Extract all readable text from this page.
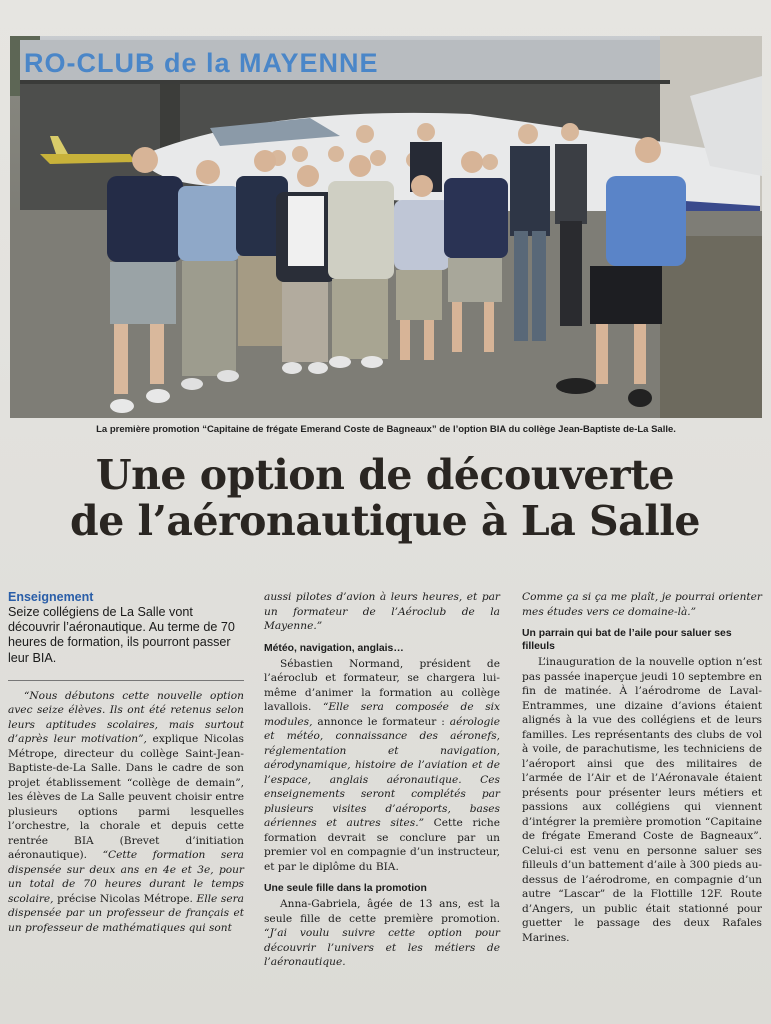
RO-CLUB de la MAYENNE
La première promotion “Capitaine de frégate Emerand Coste de Bagneaux” de l’option BIA du collège Jean-Baptiste de-La Salle.
Une option de découverte
de l’aéronautique à La Salle
Enseignement
Seize collégiens de La Salle vont découvrir l’aéronautique. Au terme de 70 heures de formation, ils pourront passer leur BIA.

“Nous débutons cette nouvelle option avec seize élèves. Ils ont été retenus selon leurs aptitudes scolaires, mais surtout d’après leur motivation”, explique Nicolas Métrope, directeur du collège Saint-Jean-Baptiste-de-La Salle. Dans le cadre de son projet établissement “collège de demain”, les élèves de La Salle peuvent choisir entre plusieurs options parmi lesquelles l’orchestre, la chorale et depuis cette rentrée BIA (Brevet d’initiation aéronautique). “Cette formation sera dispensée sur deux ans en 4e et 3e, pour un total de 70 heures durant le temps scolaire, précise Nicolas Métrope. Elle sera dispensée par un professeur de français et un professeur de mathématiques qui sont

aussi pilotes d’avion à leurs heures, et par un formateur de l’Aéroclub de la Mayenne.”

Météo, navigation, anglais…

Sébastien Normand, président de l’aéroclub et formateur, se chargera lui-même d’animer la formation au collège lavallois. “Elle sera composée de six modules, annonce le formateur : aérologie et météo, connaissance des aéronefs, réglementation et navigation, aérodynamique, histoire de l’aviation et de l’espace, anglais aéronautique. Ces enseignements seront complétés par plusieurs visites d’aéroports, bases aériennes et autres sites.” Cette riche formation devrait se conclure par un premier vol en compagnie d’un instructeur, et par le diplôme du BIA.

Une seule fille dans la promotion

Anna-Gabriela, âgée de 13 ans, est la seule fille de cette première promotion. “J’ai voulu suivre cette option pour découvrir l’univers et les métiers de l’aéronautique.

Comme ça si ça me plaît, je pourrai orienter mes études vers ce domaine-là.”

Un parrain qui bat de l’aile pour saluer ses filleuls

L’inauguration de la nouvelle option n’est pas passée inaperçue jeudi 10 septembre en fin de matinée. À l’aérodrome de Laval-Entrammes, une dizaine d’avions étaient alignés à la vue des collégiens et de leurs familles. Les représentants des clubs de vol à voile, de parachutisme, les techniciens de l’aéroport ainsi que des militaires de l’armée de l’Air et de l’Aéronavale étaient présents pour présenter leurs métiers et passions aux collégiens qui viennent d’intégrer la première promotion “Capitaine de frégate Emerand Coste de Bagneaux”. Celui-ci est venu en personne saluer ses filleuls d’un battement d’aile à 300 pieds au-dessus de l’aérodrome, en compagnie d’un autre “Lascar” de la Flottille 12F. Route d’Angers, un public était stationné pour guetter le passage des deux Rafales Marines.
